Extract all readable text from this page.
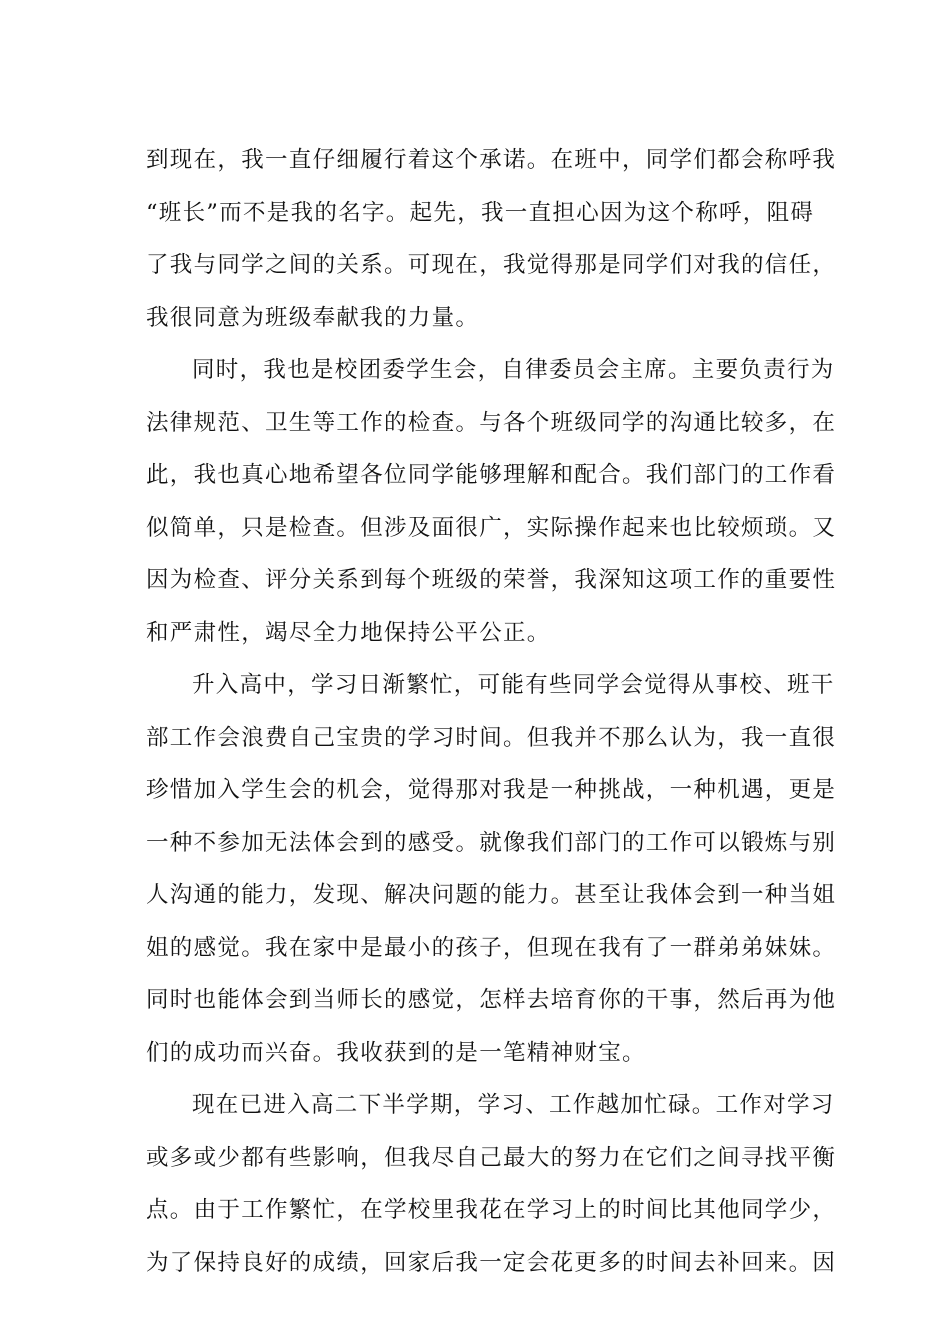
到现在，我一直仔细履行着这个承诺。在班中，同学们都会称呼我
“班长”而不是我的名字。起先，我一直担心因为这个称呼，阻碍
了我与同学之间的关系。可现在，我觉得那是同学们对我的信任，
我很同意为班级奉献我的力量。
同时，我也是校团委学生会，自律委员会主席。主要负责行为
法律规范、卫生等工作的检查。与各个班级同学的沟通比较多，在
此，我也真心地希望各位同学能够理解和配合。我们部门的工作看
似简单，只是检查。但涉及面很广，实际操作起来也比较烦琐。又
因为检查、评分关系到每个班级的荣誉，我深知这项工作的重要性
和严肃性，竭尽全力地保持公平公正。
升入高中，学习日渐繁忙，可能有些同学会觉得从事校、班干
部工作会浪费自己宝贵的学习时间。但我并不那么认为，我一直很
珍惜加入学生会的机会，觉得那对我是一种挑战，一种机遇，更是
一种不参加无法体会到的感受。就像我们部门的工作可以锻炼与别
人沟通的能力，发现、解决问题的能力。甚至让我体会到一种当姐
姐的感觉。我在家中是最小的孩子，但现在我有了一群弟弟妹妹。
同时也能体会到当师长的感觉，怎样去培育你的干事，然后再为他
们的成功而兴奋。我收获到的是一笔精神财宝。
现在已进入高二下半学期，学习、工作越加忙碌。工作对学习
或多或少都有些影响，但我尽自己最大的努力在它们之间寻找平衡
点。由于工作繁忙，在学校里我花在学习上的时间比其他同学少，
为了保持良好的成绩，回家后我一定会花更多的时间去补回来。因
